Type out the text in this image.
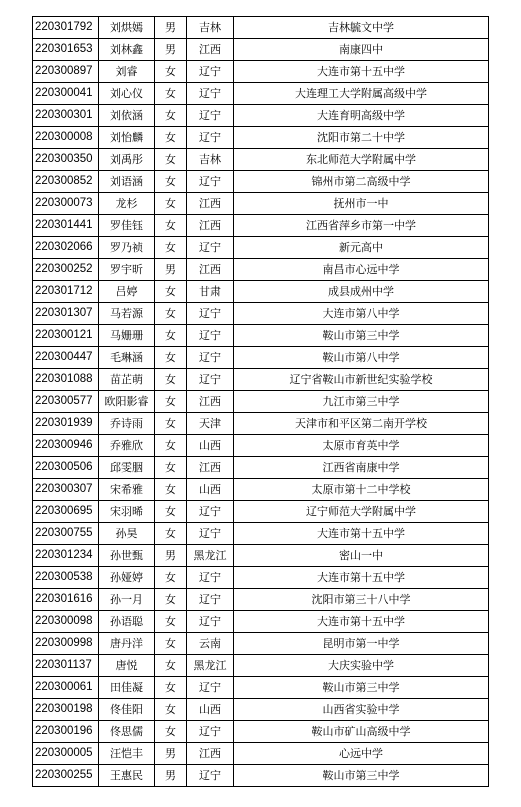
220301792	刘烘嫣	男	吉林	吉林毓文中学
220301653	刘林鑫	男	江西	南康四中
220300897	刘睿	女	辽宁	大连市第十五中学
220300041	刘心仪	女	辽宁	大连理工大学附属高级中学
220300301	刘依涵	女	辽宁	大连育明高级中学
220300008	刘怡麟	女	辽宁	沈阳市第二十中学
220300350	刘禹彤	女	吉林	东北师范大学附属中学
220300852	刘语涵	女	辽宁	锦州市第二高级中学
220300073	龙杉	女	江西	抚州市一中
220301441	罗佳钰	女	江西	江西省萍乡市第一中学
220302066	罗乃祯	女	辽宁	新元高中
220300252	罗宇昕	男	江西	南昌市心远中学
220301712	吕婷	女	甘肃	成县成州中学
220301307	马若源	女	辽宁	大连市第八中学
220300121	马姗珊	女	辽宁	鞍山市第三中学
220300447	毛琳涵	女	辽宁	鞍山市第八中学
220301088	苗芷萌	女	辽宁	辽宁省鞍山市新世纪实验学校
220300577	欧阳影睿	女	江西	九江市第三中学
220301939	乔诗雨	女	天津	天津市和平区第二南开学校
220300946	乔雅欣	女	山西	太原市育英中学
220300506	邱雯胭	女	江西	江西省南康中学
220300307	宋希雅	女	山西	太原市第十二中学校
220300695	宋羽晞	女	辽宁	辽宁师范大学附属中学
220300755	孙昊	女	辽宁	大连市第十五中学
220301234	孙世甄	男	黑龙江	密山一中
220300538	孙娅婷	女	辽宁	大连市第十五中学
220301616	孙一月	女	辽宁	沈阳市第三十八中学
220300098	孙语聪	女	辽宁	大连市第十五中学
220300998	唐丹洋	女	云南	昆明市第一中学
220301137	唐悦	女	黑龙江	大庆实验中学
220300061	田佳凝	女	辽宁	鞍山市第三中学
220300198	佟佳阳	女	山西	山西省实验中学
220300196	佟思儒	女	辽宁	鞍山市矿山高级中学
220300005	汪恺丰	男	江西	心远中学
220300255	王惠民	男	辽宁	鞍山市第三中学
